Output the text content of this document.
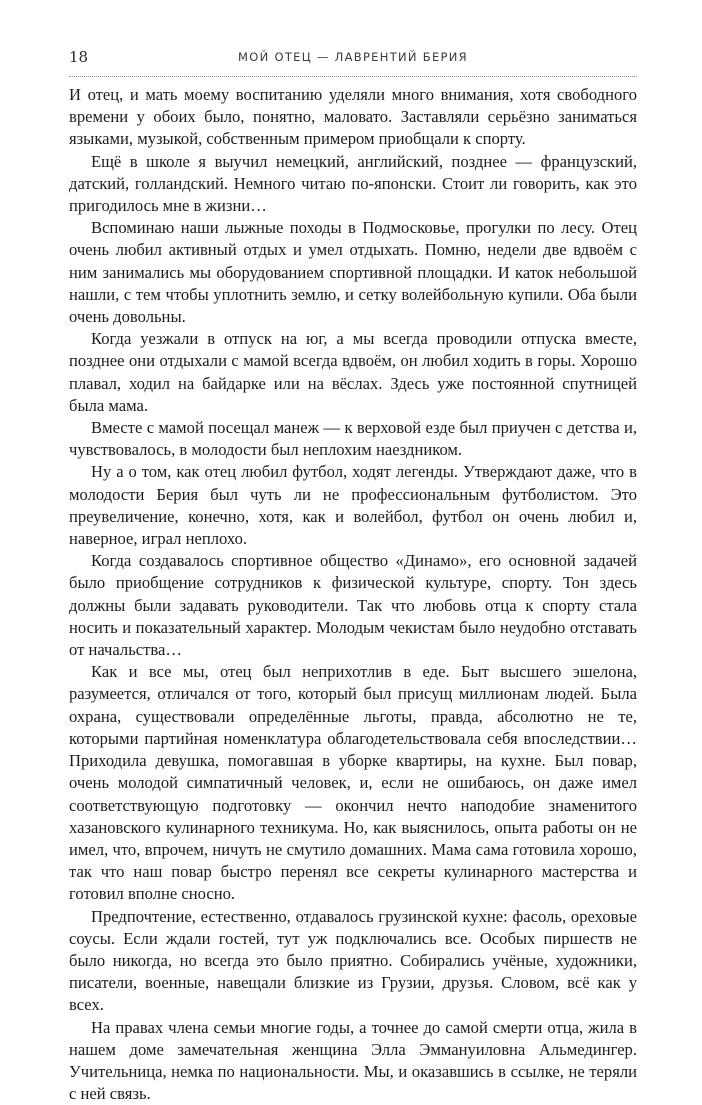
18	МОЙ ОТЕЦ — ЛАВРЕНТИЙ БЕРИЯ

И отец, и мать моему воспитанию уделяли много внимания, хотя свободного времени у обоих было, понятно, маловато. Заставляли серьёзно заниматься языками, музыкой, собственным примером приобщали к спорту.

Ещё в школе я выучил немецкий, английский, позднее — французский, датский, голландский. Немного читаю по-японски. Стоит ли говорить, как это пригодилось мне в жизни…

Вспоминаю наши лыжные походы в Подмосковье, прогулки по лесу. Отец очень любил активный отдых и умел отдыхать. Помню, недели две вдвоём с ним занимались мы оборудованием спортивной площадки. И каток небольшой нашли, с тем чтобы уплотнить землю, и сетку волейбольную купили. Оба были очень довольны.

Когда уезжали в отпуск на юг, а мы всегда проводили отпуска вместе, позднее они отдыхали с мамой всегда вдвоём, он любил ходить в горы. Хорошо плавал, ходил на байдарке или на вёслах. Здесь уже постоянной спутницей была мама.

Вместе с мамой посещал манеж — к верховой езде был приучен с детства и, чувствовалось, в молодости был неплохим наездником.

Ну а о том, как отец любил футбол, ходят легенды. Утверждают даже, что в молодости Берия был чуть ли не профессиональным футболистом. Это преувеличение, конечно, хотя, как и волейбол, футбол он очень любил и, наверное, играл неплохо.

Когда создавалось спортивное общество «Динамо», его основной задачей было приобщение сотрудников к физической культуре, спорту. Тон здесь должны были задавать руководители. Так что любовь отца к спорту стала носить и показательный характер. Молодым чекистам было неудобно отставать от начальства…

Как и все мы, отец был неприхотлив в еде. Быт высшего эшелона, разумеется, отличался от того, который был присущ миллионам людей. Была охрана, существовали определённые льготы, правда, абсолютно не те, которыми партийная номенклатура облагодетельствовала себя впоследствии… Приходила девушка, помогавшая в уборке квартиры, на кухне. Был повар, очень молодой симпатичный человек, и, если не ошибаюсь, он даже имел соответствующую подготовку — окончил нечто наподобие знаменитого хазановского кулинарного техникума. Но, как выяснилось, опыта работы он не имел, что, впрочем, ничуть не смутило домашних. Мама сама готовила хорошо, так что наш повар быстро перенял все секреты кулинарного мастерства и готовил вполне сносно.

Предпочтение, естественно, отдавалось грузинской кухне: фасоль, ореховые соусы. Если ждали гостей, тут уж подключались все. Особых пиршеств не было никогда, но всегда это было приятно. Собирались учёные, художники, писатели, военные, навещали близкие из Грузии, друзья. Словом, всё как у всех.

На правах члена семьи многие годы, а точнее до самой смерти отца, жила в нашем доме замечательная женщина Элла Эммануиловна Альмедингер. Учительница, немка по национальности. Мы, и оказавшись в ссылке, не теряли с ней связь.
